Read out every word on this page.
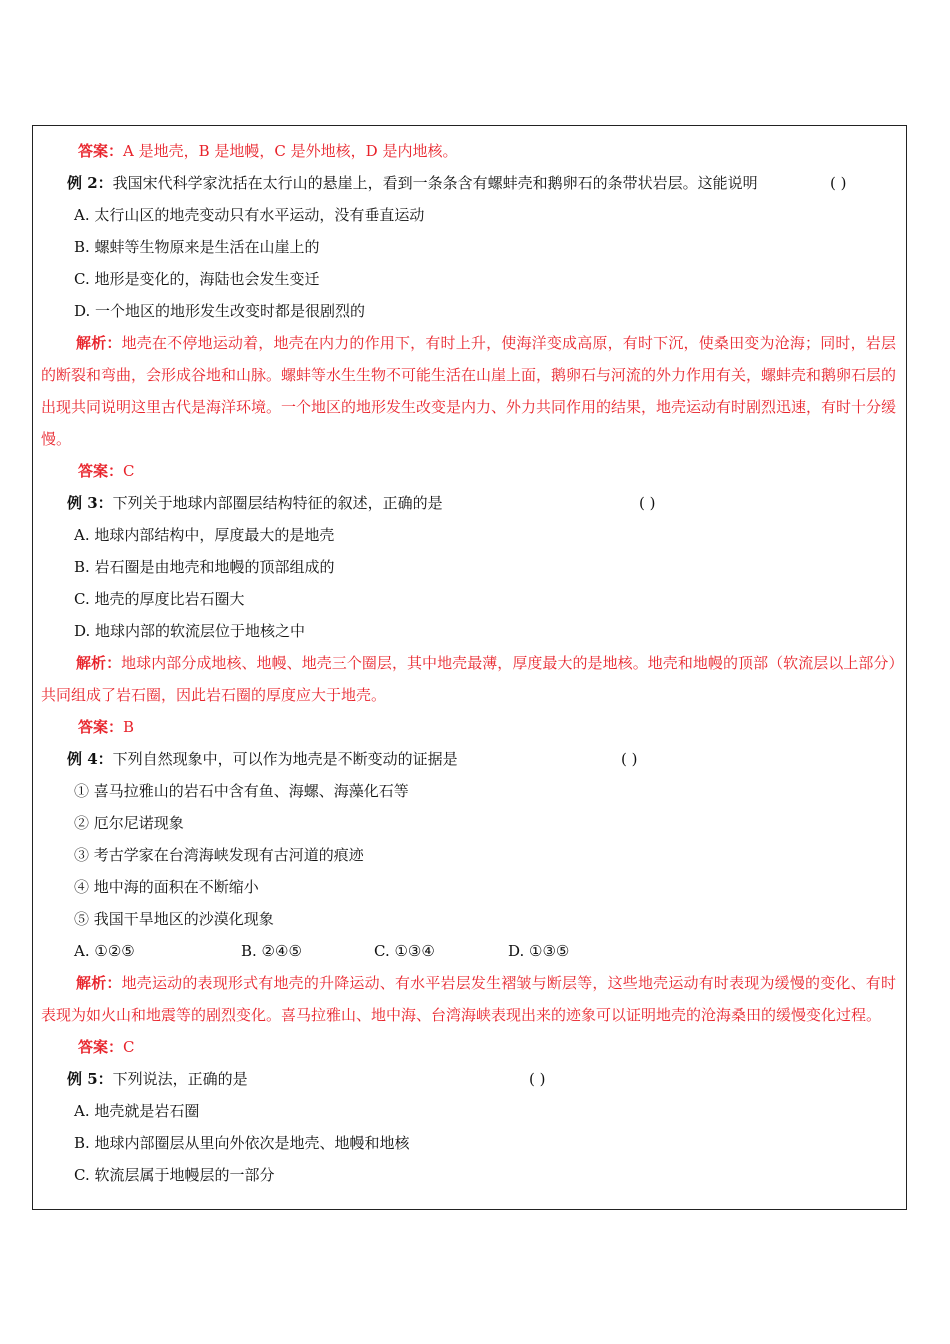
答案：A 是地壳，B 是地幔，C 是外地核，D 是内地核。
例 2：我国宋代科学家沈括在太行山的悬崖上，看到一条条含有螺蚌壳和鹅卵石的条带状岩层。这能说明	( )
A. 太行山区的地壳变动只有水平运动，没有垂直运动
B. 螺蚌等生物原来是生活在山崖上的
C. 地形是变化的，海陆也会发生变迁
D. 一个地区的地形发生改变时都是很剧烈的
解析：地壳在不停地运动着，地壳在内力的作用下，有时上升，使海洋变成高原，有时下沉，使桑田变为沧海；同时，岩层的断裂和弯曲，会形成谷地和山脉。螺蚌等水生生物不可能生活在山崖上面，鹅卵石与河流的外力作用有关，螺蚌壳和鹅卵石层的出现共同说明这里古代是海洋环境。一个地区的地形发生改变是内力、外力共同作用的结果，地壳运动有时剧烈迅速，有时十分缓慢。
答案：C
例 3：下列关于地球内部圈层结构特征的叙述，正确的是	( )
A. 地球内部结构中，厚度最大的是地壳
B. 岩石圈是由地壳和地幔的顶部组成的
C. 地壳的厚度比岩石圈大
D. 地球内部的软流层位于地核之中
解析：地球内部分成地核、地幔、地壳三个圈层，其中地壳最薄，厚度最大的是地核。地壳和地幔的顶部（软流层以上部分）共同组成了岩石圈，因此岩石圈的厚度应大于地壳。
答案：B
例 4：下列自然现象中，可以作为地壳是不断变动的证据是	( )
① 喜马拉雅山的岩石中含有鱼、海螺、海藻化石等
② 厄尔尼诺现象
③ 考古学家在台湾海峡发现有古河道的痕迹
④ 地中海的面积在不断缩小
⑤ 我国干旱地区的沙漠化现象
A. ①②⑤	B. ②④⑤	C. ①③④	D. ①③⑤
解析：地壳运动的表现形式有地壳的升降运动、有水平岩层发生褶皱与断层等，这些地壳运动有时表现为缓慢的变化、有时表现为如火山和地震等的剧烈变化。喜马拉雅山、地中海、台湾海峡表现出来的迹象可以证明地壳的沧海桑田的缓慢变化过程。
答案：C
例 5：下列说法，正确的是	( )
A. 地壳就是岩石圈
B. 地球内部圈层从里向外依次是地壳、地幔和地核
C. 软流层属于地幔层的一部分
